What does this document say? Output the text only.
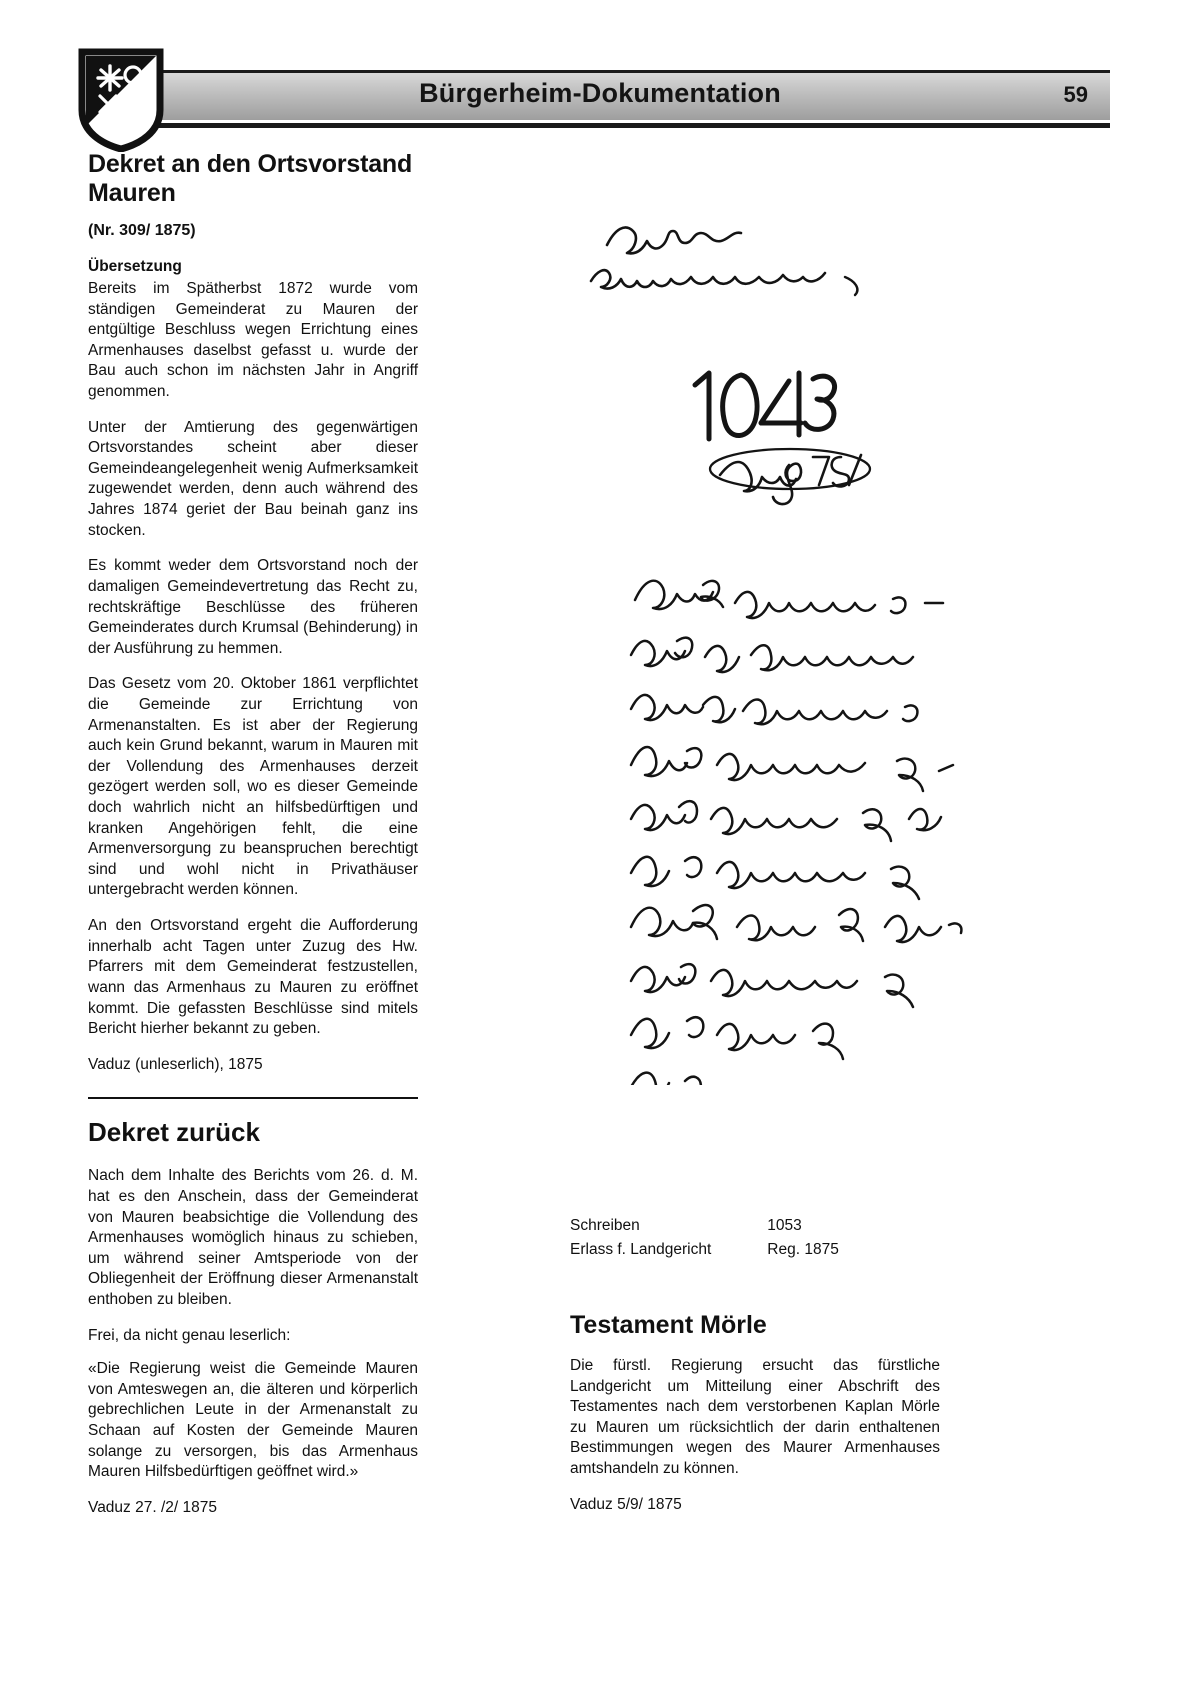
Bürgerheim-Dokumentation	59
Dekret an den Ortsvorstand Mauren
(Nr. 309/ 1875)
Übersetzung

Bereits im Spätherbst 1872 wurde vom ständigen Gemeinderat zu Mauren der entgültige Beschluss wegen Errichtung eines Armenhauses daselbst gefasst u. wurde der Bau auch schon im nächsten Jahr in Angriff genommen.

Unter der Amtierung des gegenwärtigen Ortsvorstandes scheint aber dieser Gemeindeangelegenheit wenig Aufmerksamkeit zugewendet werden, denn auch während des Jahres 1874 geriet der Bau beinah ganz ins stocken.

Es kommt weder dem Ortsvorstand noch der damaligen Gemeindevertretung das Recht zu, rechtskräftige Beschlüsse des früheren Gemeinderates durch Krumsal (Behinderung) in der Ausführung zu hemmen.

Das Gesetz vom 20. Oktober 1861 verpflichtet die Gemeinde zur Errichtung von Armenanstalten. Es ist aber der Regierung auch kein Grund bekannt, warum in Mauren mit der Vollendung des Armenhauses derzeit gezögert werden soll, wo es dieser Gemeinde doch wahrlich nicht an hilfsbedürftigen und kranken Angehörigen fehlt, die eine Armenversorgung zu beanspruchen berechtigt sind und wohl nicht in Privathäuser untergebracht werden können.

An den Ortsvorstand ergeht die Aufforderung innerhalb acht Tagen unter Zuzug des Hw. Pfarrers mit dem Gemeinderat festzustellen, wann das Armenhaus zu Mauren zu eröffnet kommt. Die gefassten Beschlüsse sind mitels Bericht hierher bekannt zu geben.

Vaduz (unleserlich), 1875

Dekret zurück

Nach dem Inhalte des Berichts vom 26. d. M. hat es den Anschein, dass der Gemeinderat von Mauren beabsichtige die Vollendung des Armenhauses womöglich hinaus zu schieben, um während seiner Amtsperiode von der Obliegenheit der Eröffnung dieser Armenanstalt enthoben zu bleiben.

Frei, da nicht genau leserlich:

«Die Regierung weist die Gemeinde Mauren von Amteswegen an, die älteren und körperlich gebrechlichen Leute in der Armenanstalt zu Schaan auf Kosten der Gemeinde Mauren solange zu versorgen, bis das Armenhaus Mauren Hilfsbedürftigen geöffnet wird.»

Vaduz 27. /2/ 1875

Schreiben	1053
Erlass f. Landgericht	Reg. 1875
Testament Mörle

Die fürstl. Regierung ersucht das fürstliche Landgericht um Mitteilung einer Abschrift des Testamentes nach dem verstorbenen Kaplan Mörle zu Mauren um rücksichtlich der darin enthaltenen Bestimmungen wegen des Maurer Armenhauses amtshandeln zu können.

Vaduz 5/9/ 1875
